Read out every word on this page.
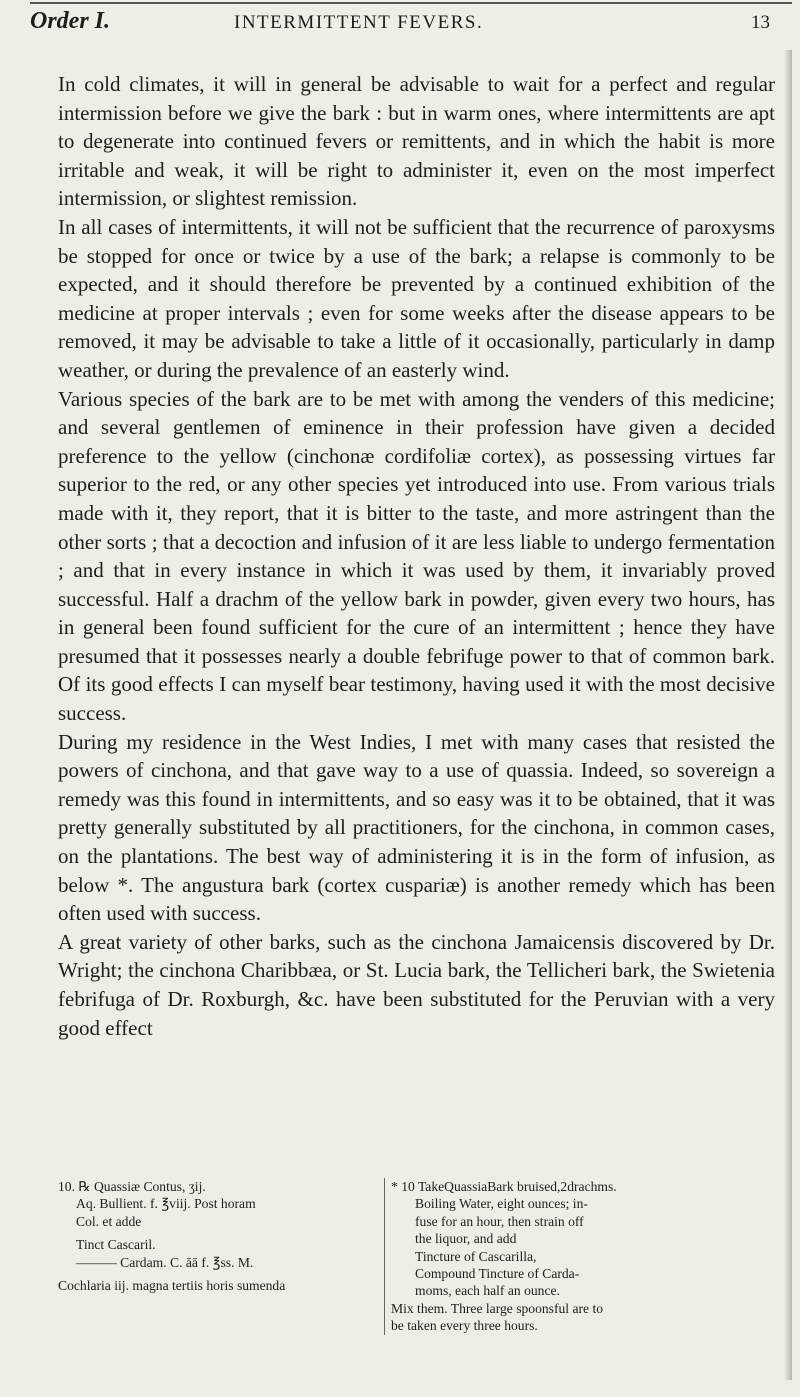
Order I.	INTERMITTENT FEVERS.	13

In cold climates, it will in general be advisable to wait for a perfect and regular intermission before we give the bark : but in warm ones, where intermittents are apt to degenerate into continued fevers or remittents, and in which the habit is more irritable and weak, it will be right to administer it, even on the most imperfect intermission, or slightest remission.

In all cases of intermittents, it will not be sufficient that the recurrence of paroxysms be stopped for once or twice by a use of the bark; a relapse is commonly to be expected, and it should therefore be prevented by a continued exhibition of the medicine at proper intervals ; even for some weeks after the disease appears to be removed, it may be advisable to take a little of it occasionally, particularly in damp weather, or during the prevalence of an easterly wind.

Various species of the bark are to be met with among the venders of this medicine; and several gentlemen of eminence in their profession have given a decided preference to the yellow (cinchonæ cordifoliæ cortex), as possessing virtues far superior to the red, or any other species yet introduced into use. From various trials made with it, they report, that it is bitter to the taste, and more astringent than the other sorts ; that a decoction and infusion of it are less liable to undergo fermentation ; and that in every instance in which it was used by them, it invariably proved successful. Half a drachm of the yellow bark in powder, given every two hours, has in general been found sufficient for the cure of an intermittent ; hence they have presumed that it possesses nearly a double febrifuge power to that of common bark. Of its good effects I can myself bear testimony, having used it with the most decisive success.

During my residence in the West Indies, I met with many cases that resisted the powers of cinchona, and that gave way to a use of quassia. Indeed, so sovereign a remedy was this found in intermittents, and so easy was it to be obtained, that it was pretty generally substituted by all practitioners, for the cinchona, in common cases, on the plantations. The best way of administering it is in the form of infusion, as below *. The angustura bark (cortex cuspariæ) is another remedy which has been often used with success.

A great variety of other barks, such as the cinchona Jamaicensis discovered by Dr. Wright; the cinchona Charibbæa, or St. Lucia bark, the Tellicheri bark, the Swietenia febrifuga of Dr. Roxburgh, &c. have been substituted for the Peruvian with a very good effect

10. ℞ Quassiæ Contus, ʒij.
Aq. Bullient. f. ℥viij. Post horam
Col. et adde
Tinct Cascaril.
——— Cardam. C. āā f. ℥ss. M.
Cochlaria iij. magna tertiis horis sumenda
* 10 TakeQuassiaBark bruised,2drachms.
Boiling Water, eight ounces; in-
fuse for an hour, then strain off
the liquor, and add
Tincture of Cascarilla,
Compound Tincture of Carda-
moms, each half an ounce.
Mix them. Three large spoonsful are to
be taken every three hours.
